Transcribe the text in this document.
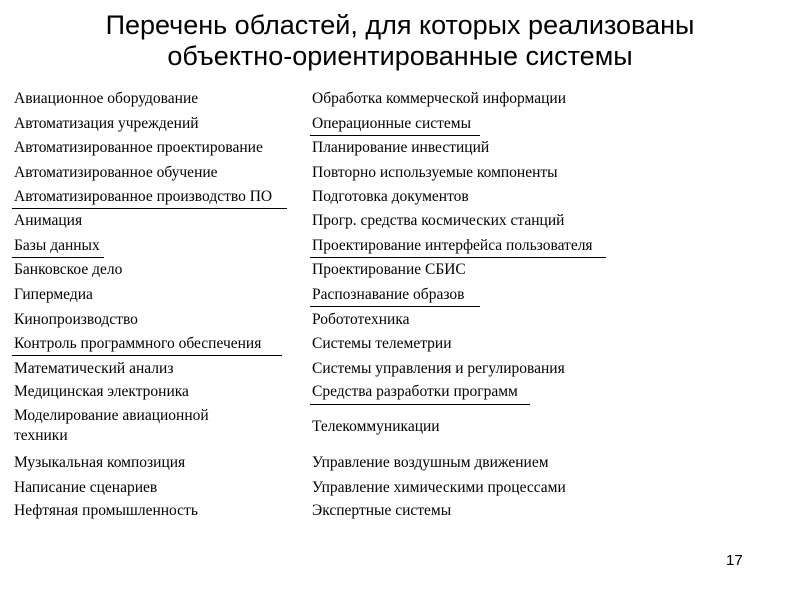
Перечень областей, для которых реализованы
объектно-ориентированные системы
Авиационное оборудование
Автоматизация учреждений
Автоматизированное проектирование
Автоматизированное обучение
Автоматизированное производство ПО
Анимация
Базы данных
Банковское дело
Гипермедиа
Кинопроизводство
Контроль программного обеспечения
Математический анализ
Медицинская электроника
Моделирование авиационной техники
Музыкальная композиция
Написание сценариев
Нефтяная промышленность
Обработка коммерческой информации
Операционные системы
Планирование инвестиций
Повторно используемые компоненты
Подготовка документов
Прогр. средства космических станций
Проектирование интерфейса пользователя
Проектирование СБИС
Распознавание образов
Робототехника
Системы телеметрии
Системы управления и регулирования
Средства разработки программ
Телекоммуникации
Управление воздушным движением
Управление химическими процессами
Экспертные системы
17
